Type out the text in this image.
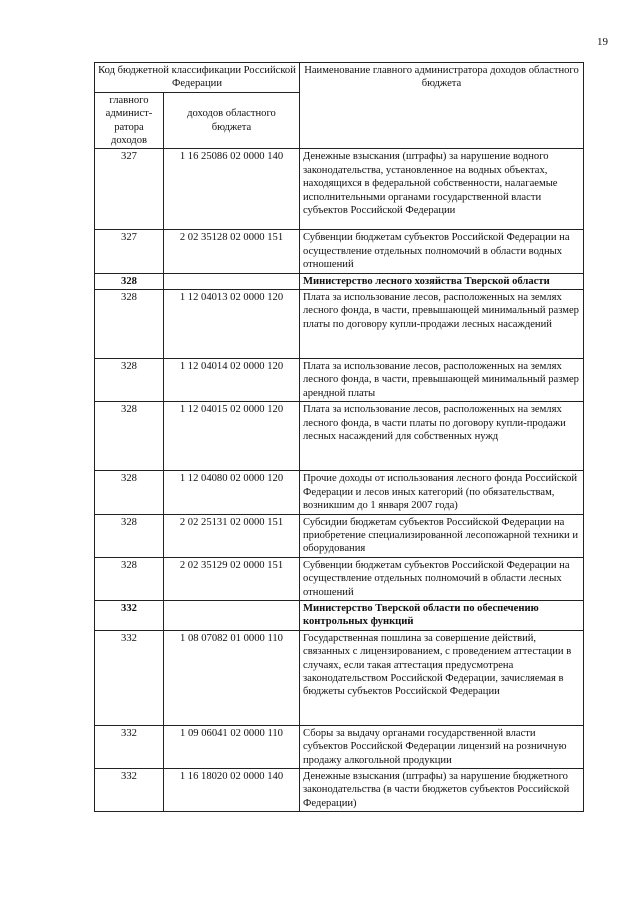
19
Код бюджетной классификации Российской Федерации		Наименование главного администратора доходов областного бюджета
главного админист-ратора доходов	доходов областного бюджета	
327	1 16 25086 02 0000 140	Денежные взыскания (штрафы) за нарушение водного законодательства, установленное на водных объектах, находящихся в федеральной собственности, налагаемые исполнительными органами государственной власти субъектов Российской Федерации
327	2 02 35128 02 0000 151	Субвенции бюджетам субъектов Российской Федерации на осуществление отдельных полномочий в области водных отношений
328		Министерство лесного хозяйства Тверской области
328	1 12 04013 02 0000 120	Плата за использование лесов, расположенных на землях лесного фонда, в части, превышающей минимальный размер платы по договору купли-продажи лесных насаждений
328	1 12 04014 02 0000 120	Плата за использование лесов, расположенных на землях лесного фонда, в части, превышающей минимальный размер арендной платы
328	1 12 04015 02 0000 120	Плата за использование лесов, расположенных на землях лесного фонда, в части платы по договору купли-продажи лесных насаждений для собственных нужд
328	1 12 04080 02 0000 120	Прочие доходы от использования лесного фонда Российской Федерации и лесов иных категорий (по обязательствам, возникшим до 1 января 2007 года)
328	2 02 25131 02 0000 151	Субсидии бюджетам субъектов Российской Федерации на приобретение специализированной лесопожарной техники и оборудования
328	2 02 35129 02 0000 151	Субвенции бюджетам субъектов Российской Федерации на осуществление отдельных полномочий в области лесных отношений
332		Министерство Тверской области по обеспечению контрольных функций
332	1 08 07082 01 0000 110	Государственная пошлина за совершение действий, связанных с лицензированием, с проведением аттестации в случаях, если такая аттестация предусмотрена законодательством Российской Федерации, зачисляемая в бюджеты субъектов Российской Федерации
332	1 09 06041 02 0000 110	Сборы за выдачу органами государственной власти субъектов Российской Федерации лицензий на розничную продажу алкогольной продукции
332	1 16 18020 02 0000 140	Денежные взыскания (штрафы) за нарушение бюджетного законодательства (в части бюджетов субъектов Российской Федерации)
